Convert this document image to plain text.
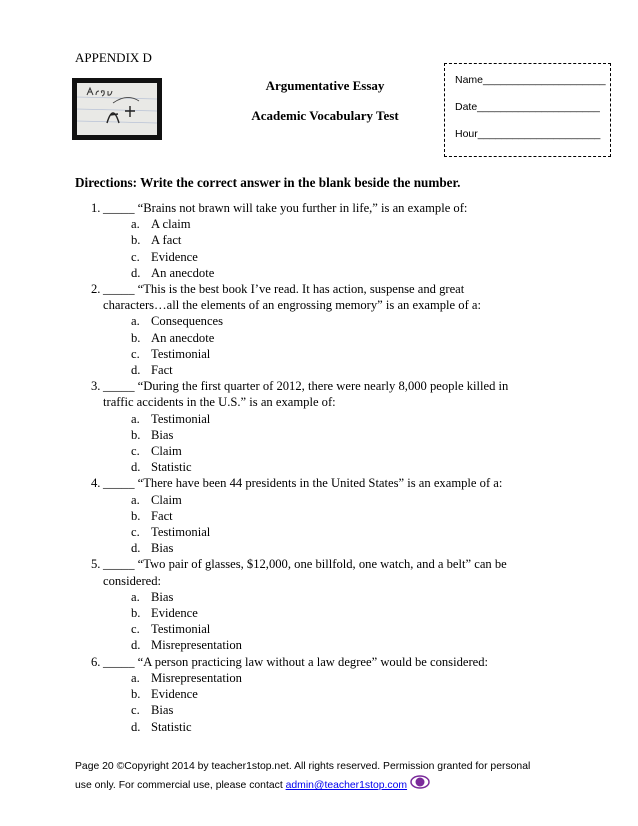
APPENDIX D
Argumentative Essay
Academic Vocabulary Test
Name_____________________
Date_____________________
Hour_____________________
Directions: Write the correct answer in the blank beside the number.
1. _____ “Brains not brawn will take you further in life,” is an example of:
a. A claim
b. A fact
c. Evidence
d. An anecdote
2. _____ “This is the best book I’ve read. It has action, suspense and great
characters…all the elements of an engrossing memory” is an example of a:
a. Consequences
b. An anecdote
c. Testimonial
d. Fact
3. _____ “During the first quarter of 2012, there were nearly 8,000 people killed in
traffic accidents in the U.S.” is an example of:
a. Testimonial
b. Bias
c. Claim
d. Statistic
4. _____ “There have been 44 presidents in the United States” is an example of a:
a. Claim
b. Fact
c. Testimonial
d. Bias
5. _____ “Two pair of glasses, $12,000, one billfold, one watch, and a belt” can be
considered:
a. Bias
b. Evidence
c. Testimonial
d. Misrepresentation
6. _____ “A person practicing law without a law degree” would be considered:
a. Misrepresentation
b. Evidence
c. Bias
d. Statistic
Page 20 ©Copyright 2014 by teacher1stop.net. All rights reserved. Permission granted for personal
use only. For commercial use, please contact admin@teacher1stop.com
